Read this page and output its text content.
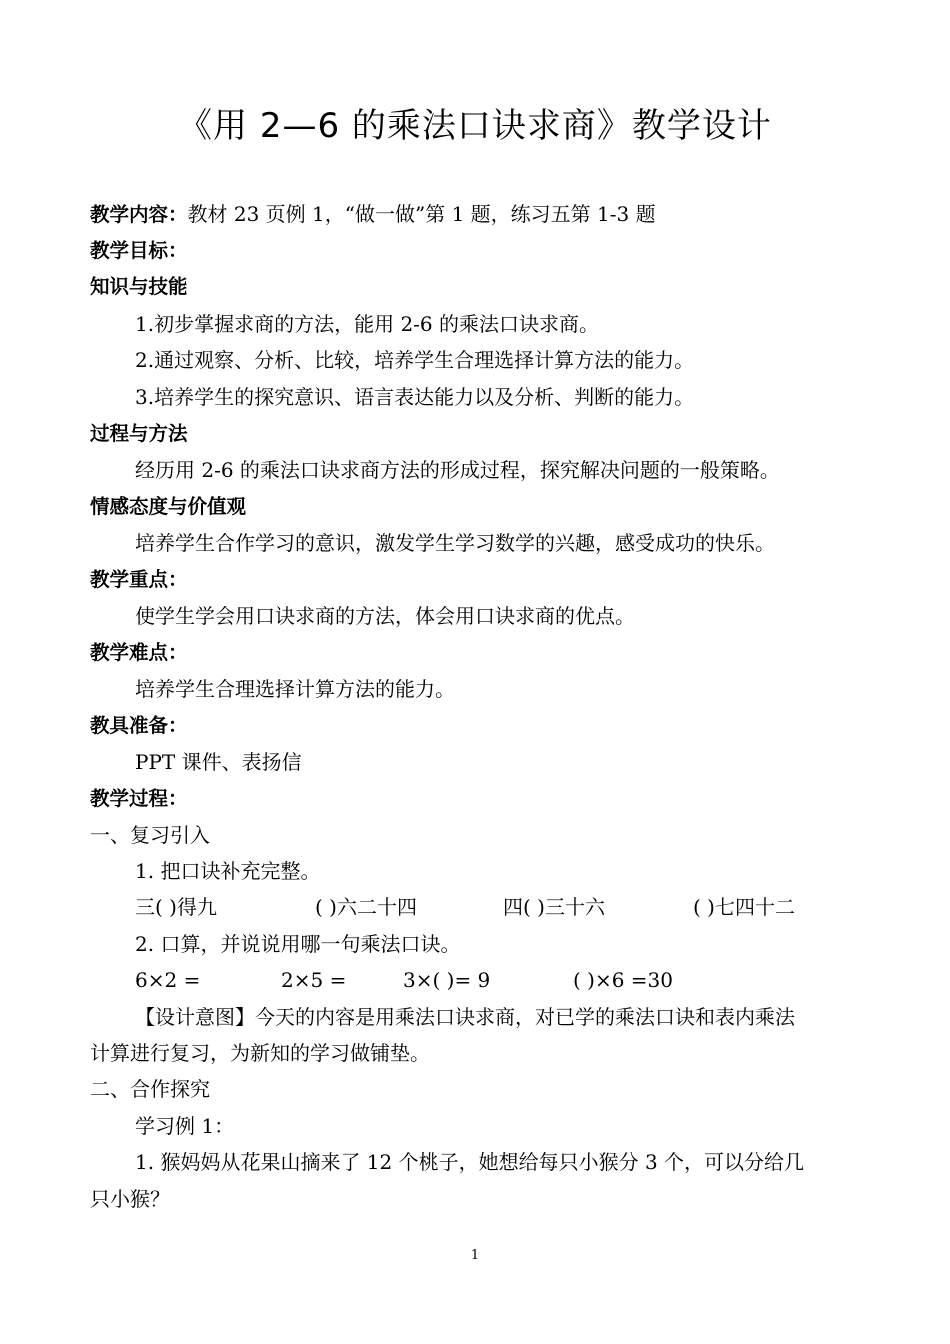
《用 2—6 的乘法口诀求商》教学设计
教学内容：教材 23 页例 1，“做一做”第 1 题，练习五第 1-3 题
教学目标：
知识与技能
1.初步掌握求商的方法，能用 2-6 的乘法口诀求商。
2.通过观察、分析、比较，培养学生合理选择计算方法的能力。
3.培养学生的探究意识、语言表达能力以及分析、判断的能力。
过程与方法
经历用 2-6 的乘法口诀求商方法的形成过程，探究解决问题的一般策略。
情感态度与价值观
培养学生合作学习的意识，激发学生学习数学的兴趣，感受成功的快乐。
教学重点：
使学生学会用口诀求商的方法，体会用口诀求商的优点。
教学难点：
培养学生合理选择计算方法的能力。
教具准备：
PPT 课件、表扬信
教学过程：
一、复习引入
1. 把口诀补充完整。
三( )得九	( )六二十四	四( )三十六	( )七四十二
2. 口算，并说说用哪一句乘法口诀。
6×2 =	2×5 =	3×( )= 9	( )×6 =30
【设计意图】今天的内容是用乘法口诀求商，对已学的乘法口诀和表内乘法
计算进行复习，为新知的学习做铺垫。
二、合作探究
学习例 1：
1. 猴妈妈从花果山摘来了 12 个桃子，她想给每只小猴分 3 个，可以分给几
只小猴？
1
